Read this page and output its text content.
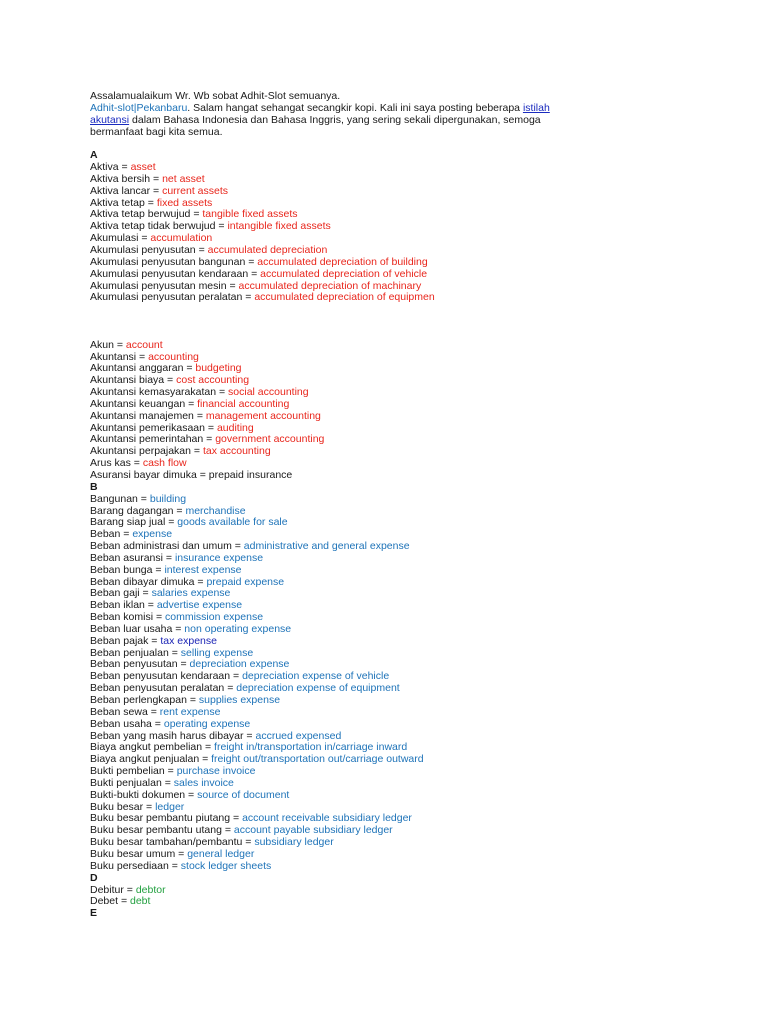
Assalamualaikum Wr. Wb sobat Adhit-Slot semuanya.
Adhit-slot|Pekanbaru. Salam hangat sehangat secangkir kopi. Kali ini saya posting beberapa istilah akutansi dalam Bahasa Indonesia dan Bahasa Inggris, yang sering sekali dipergunakan, semoga bermanfaat bagi kita semua.
A
Aktiva = asset
Aktiva bersih = net asset
Aktiva lancar = current assets
Aktiva tetap = fixed assets
Aktiva tetap berwujud = tangible fixed assets
Aktiva tetap tidak berwujud = intangible fixed assets
Akumulasi = accumulation
Akumulasi penyusutan = accumulated depreciation
Akumulasi penyusutan bangunan = accumulated depreciation of building
Akumulasi penyusutan kendaraan = accumulated depreciation of vehicle
Akumulasi penyusutan mesin = accumulated depreciation of machinary
Akumulasi penyusutan peralatan = accumulated depreciation of equipmen
Akun = account
Akuntansi = accounting
Akuntansi anggaran = budgeting
Akuntansi biaya = cost accounting
Akuntansi kemasyarakatan = social accounting
Akuntansi keuangan = financial accounting
Akuntansi manajemen = management accounting
Akuntansi pemerikasaan = auditing
Akuntansi pemerintahan = government accounting
Akuntansi perpajakan = tax accounting
Arus kas = cash flow
Asuransi bayar dimuka = prepaid insurance
B
Bangunan = building
Barang dagangan = merchandise
Barang siap jual = goods available for sale
Beban = expense
Beban administrasi dan umum = administrative and general expense
Beban asuransi = insurance expense
Beban bunga = interest expense
Beban dibayar dimuka = prepaid expense
Beban gaji = salaries expense
Beban iklan = advertise expense
Beban komisi = commission expense
Beban luar usaha = non operating expense
Beban pajak = tax expense
Beban penjualan = selling expense
Beban penyusutan = depreciation expense
Beban penyusutan kendaraan = depreciation expense of vehicle
Beban penyusutan peralatan = depreciation expense of equipment
Beban perlengkapan = supplies expense
Beban sewa = rent expense
Beban usaha = operating expense
Beban yang masih harus dibayar = accrued expensed
Biaya angkut pembelian = freight in/transportation in/carriage inward
Biaya angkut penjualan = freight out/transportation out/carriage outward
Bukti pembelian = purchase invoice
Bukti penjualan = sales invoice
Bukti-bukti dokumen = source of document
Buku besar = ledger
Buku besar pembantu piutang = account receivable subsidiary ledger
Buku besar pembantu utang = account payable subsidiary ledger
Buku besar tambahan/pembantu = subsidiary ledger
Buku besar umum = general ledger
Buku persediaan = stock ledger sheets
D
Debitur = debtor
Debet = debt
E
